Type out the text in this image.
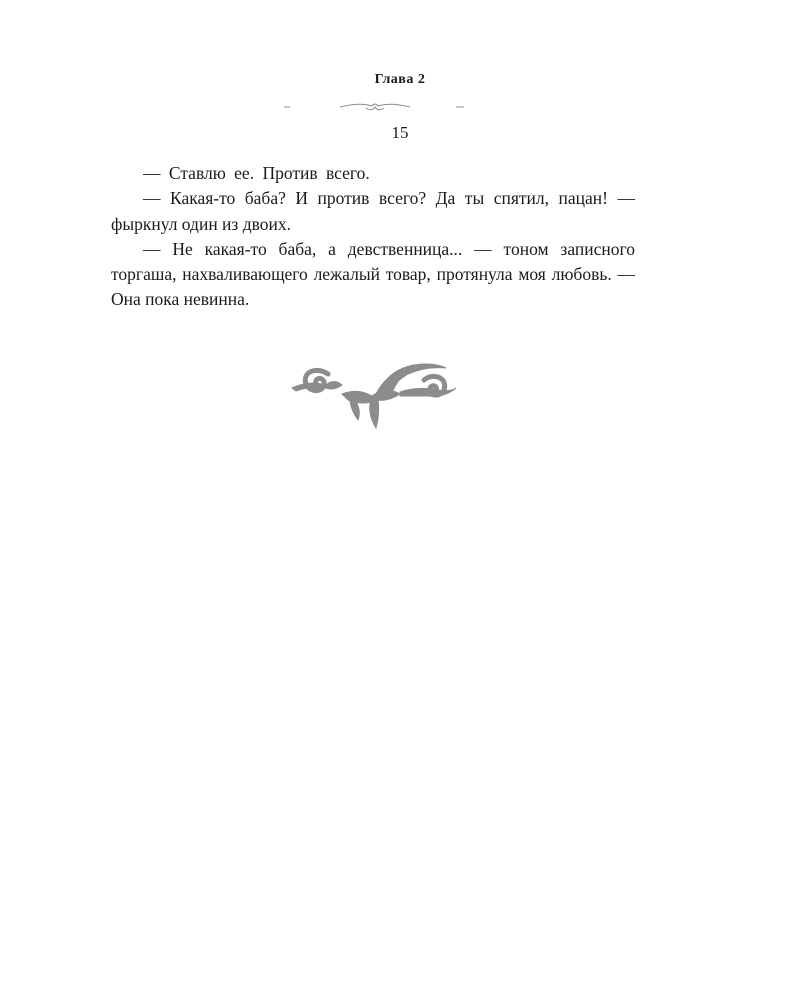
Глава 2
15

— Ставлю ее. Против всего.

— Какая-то баба? И против всего? Да ты спятил, пацан! — фыркнул один из двоих.

— Не какая-то баба, а девственница... — тоном записного торгаша, нахваливающего лежалый товар, протянула моя любовь. — Она пока невинна.
